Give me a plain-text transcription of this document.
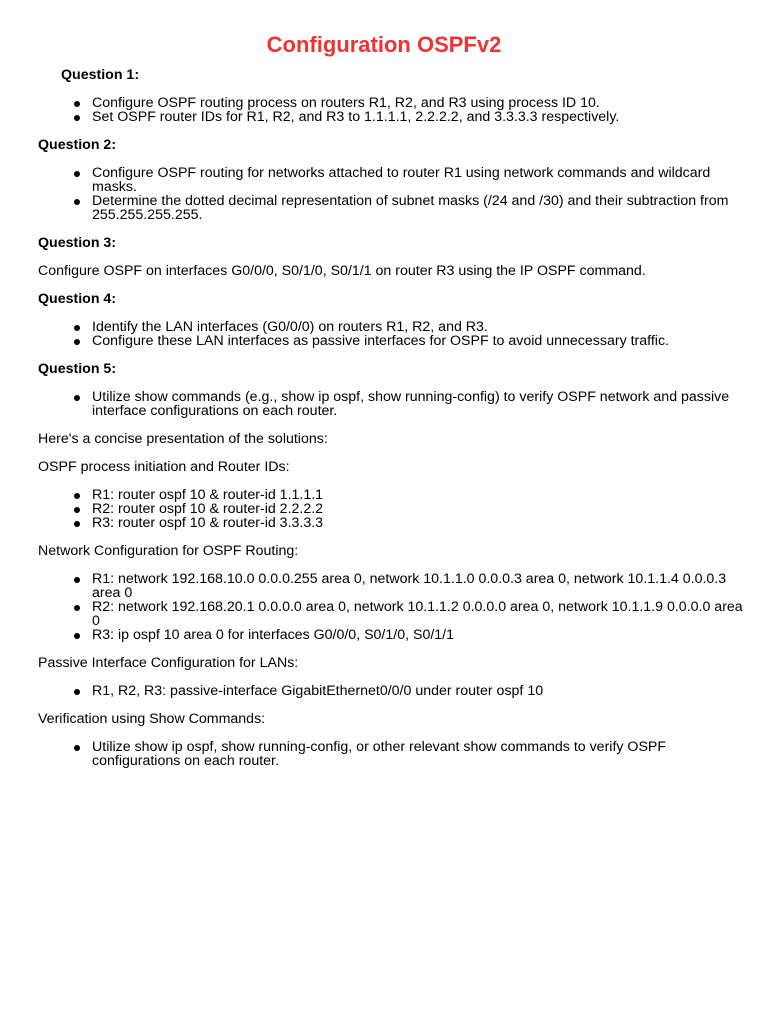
Configuration OSPFv2
Question 1:
Configure OSPF routing process on routers R1, R2, and R3 using process ID 10.
Set OSPF router IDs for R1, R2, and R3 to 1.1.1.1, 2.2.2.2, and 3.3.3.3 respectively.
Question 2:
Configure OSPF routing for networks attached to router R1 using network commands and wildcard masks.
Determine the dotted decimal representation of subnet masks (/24 and /30) and their subtraction from 255.255.255.255.
Question 3:
Configure OSPF on interfaces G0/0/0, S0/1/0, S0/1/1 on router R3 using the IP OSPF command.
Question 4:
Identify the LAN interfaces (G0/0/0) on routers R1, R2, and R3.
Configure these LAN interfaces as passive interfaces for OSPF to avoid unnecessary traffic.
Question 5:
Utilize show commands (e.g., show ip ospf, show running-config) to verify OSPF network and passive interface configurations on each router.
Here's a concise presentation of the solutions:
OSPF process initiation and Router IDs:
R1: router ospf 10 & router-id 1.1.1.1
R2: router ospf 10 & router-id 2.2.2.2
R3: router ospf 10 & router-id 3.3.3.3
Network Configuration for OSPF Routing:
R1: network 192.168.10.0 0.0.0.255 area 0, network 10.1.1.0 0.0.0.3 area 0, network 10.1.1.4 0.0.0.3 area 0
R2: network 192.168.20.1 0.0.0.0 area 0, network 10.1.1.2 0.0.0.0 area 0, network 10.1.1.9 0.0.0.0 area 0
R3: ip ospf 10 area 0 for interfaces G0/0/0, S0/1/0, S0/1/1
Passive Interface Configuration for LANs:
R1, R2, R3: passive-interface GigabitEthernet0/0/0 under router ospf 10
Verification using Show Commands:
Utilize show ip ospf, show running-config, or other relevant show commands to verify OSPF configurations on each router.
